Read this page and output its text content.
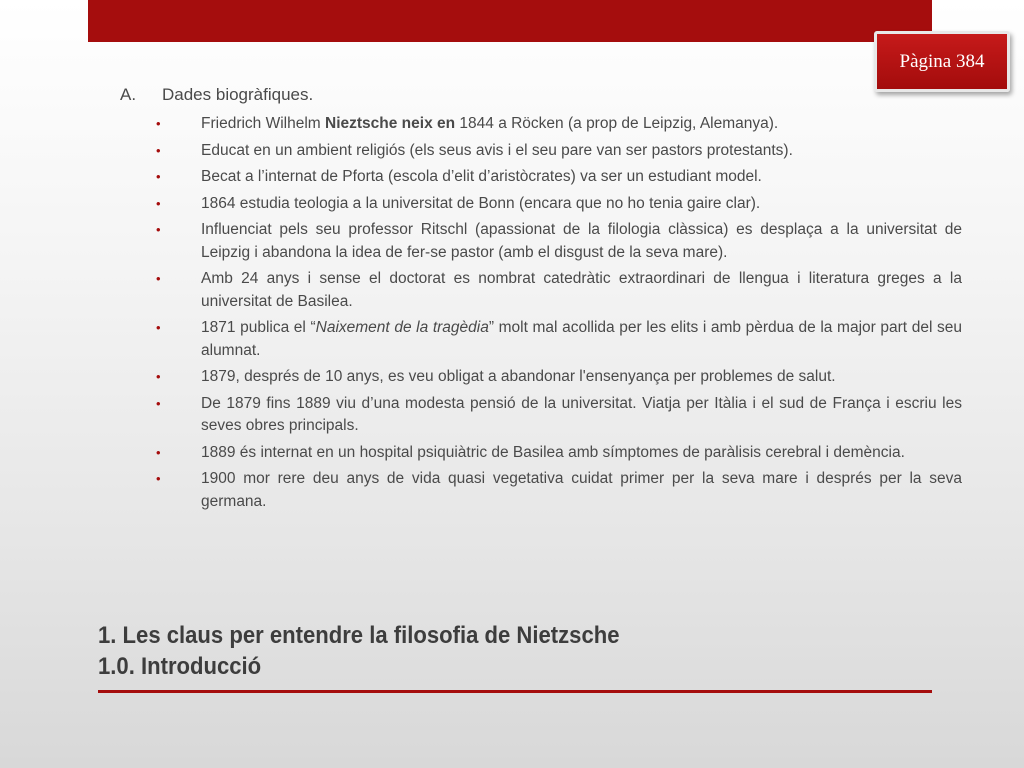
Pàgina 384
A.	Dades biogràfiques.
•	Friedrich Wilhelm Nieztsche neix en 1844 a Röcken (a prop de Leipzig, Alemanya).
•	Educat en un ambient religiós (els seus avis i el seu pare van ser pastors protestants).
•	Becat a l’internat de Pforta (escola d’elit d’aristòcrates) va ser un estudiant model.
•	1864 estudia teologia a la universitat de Bonn (encara que no ho tenia gaire clar).
•	Influenciat pels seu professor Ritschl (apassionat de la filologia clàssica) es desplaça a la universitat de Leipzig i abandona la idea de fer-se pastor (amb el disgust de la seva mare).
•	Amb 24 anys i sense el doctorat es nombrat catedràtic extraordinari de llengua i literatura greges a la universitat de Basilea.
•	1871 publica el “Naixement de la tragèdia” molt mal acollida per les elits i amb pèrdua de la major part del seu alumnat.
•	1879, després de 10 anys, es veu obligat a abandonar l'ensenyança per problemes de salut.
•	De 1879 fins 1889 viu d’una modesta pensió de la universitat. Viatja per Itàlia i el sud de França i escriu les seves obres principals.
•	1889 és internat en un hospital psiquiàtric de Basilea amb símptomes de paràlisis cerebral i demència.
•	1900 mor rere deu anys de vida quasi vegetativa cuidat primer per la seva mare i després per la seva germana.
1. Les claus per entendre la filosofia de Nietzsche
1.0. Introducció
